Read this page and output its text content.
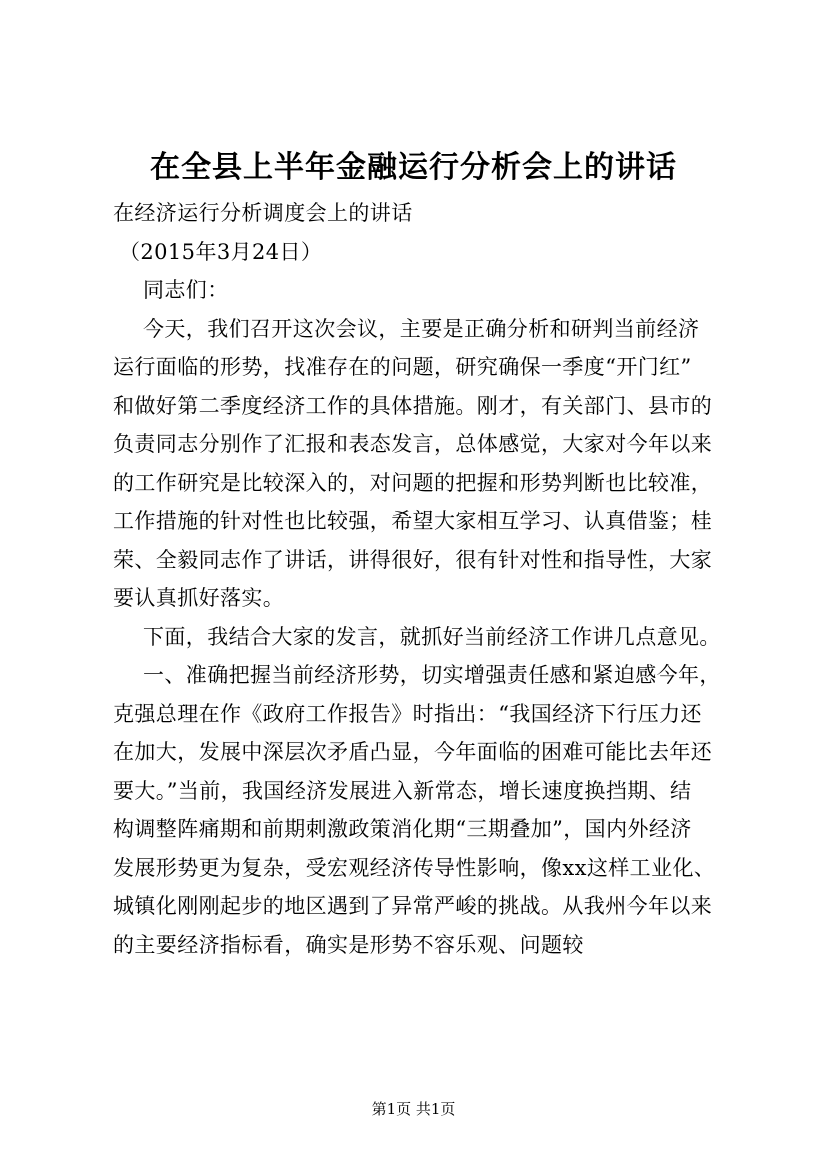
在全县上半年金融运行分析会上的讲话
在经济运行分析调度会上的讲话
（2015年3月24日）
同志们：
今天，我们召开这次会议，主要是正确分析和研判当前经济
运行面临的形势，找准存在的问题，研究确保一季度“开门红”
和做好第二季度经济工作的具体措施。刚才，有关部门、县市的
负责同志分别作了汇报和表态发言，总体感觉，大家对今年以来
的工作研究是比较深入的，对问题的把握和形势判断也比较准，
工作措施的针对性也比较强，希望大家相互学习、认真借鉴；桂
荣、全毅同志作了讲话，讲得很好，很有针对性和指导性，大家
要认真抓好落实。
下面，我结合大家的发言，就抓好当前经济工作讲几点意见。
一、准确把握当前经济形势，切实增强责任感和紧迫感今年，
克强总理在作《政府工作报告》时指出：“我国经济下行压力还
在加大，发展中深层次矛盾凸显，今年面临的困难可能比去年还
要大。”当前，我国经济发展进入新常态，增长速度换挡期、结
构调整阵痛期和前期刺激政策消化期“三期叠加”，国内外经济
发展形势更为复杂，受宏观经济传导性影响，像xx这样工业化、
城镇化刚刚起步的地区遇到了异常严峻的挑战。从我州今年以来
的主要经济指标看，确实是形势不容乐观、问题较
第1页 共1页
